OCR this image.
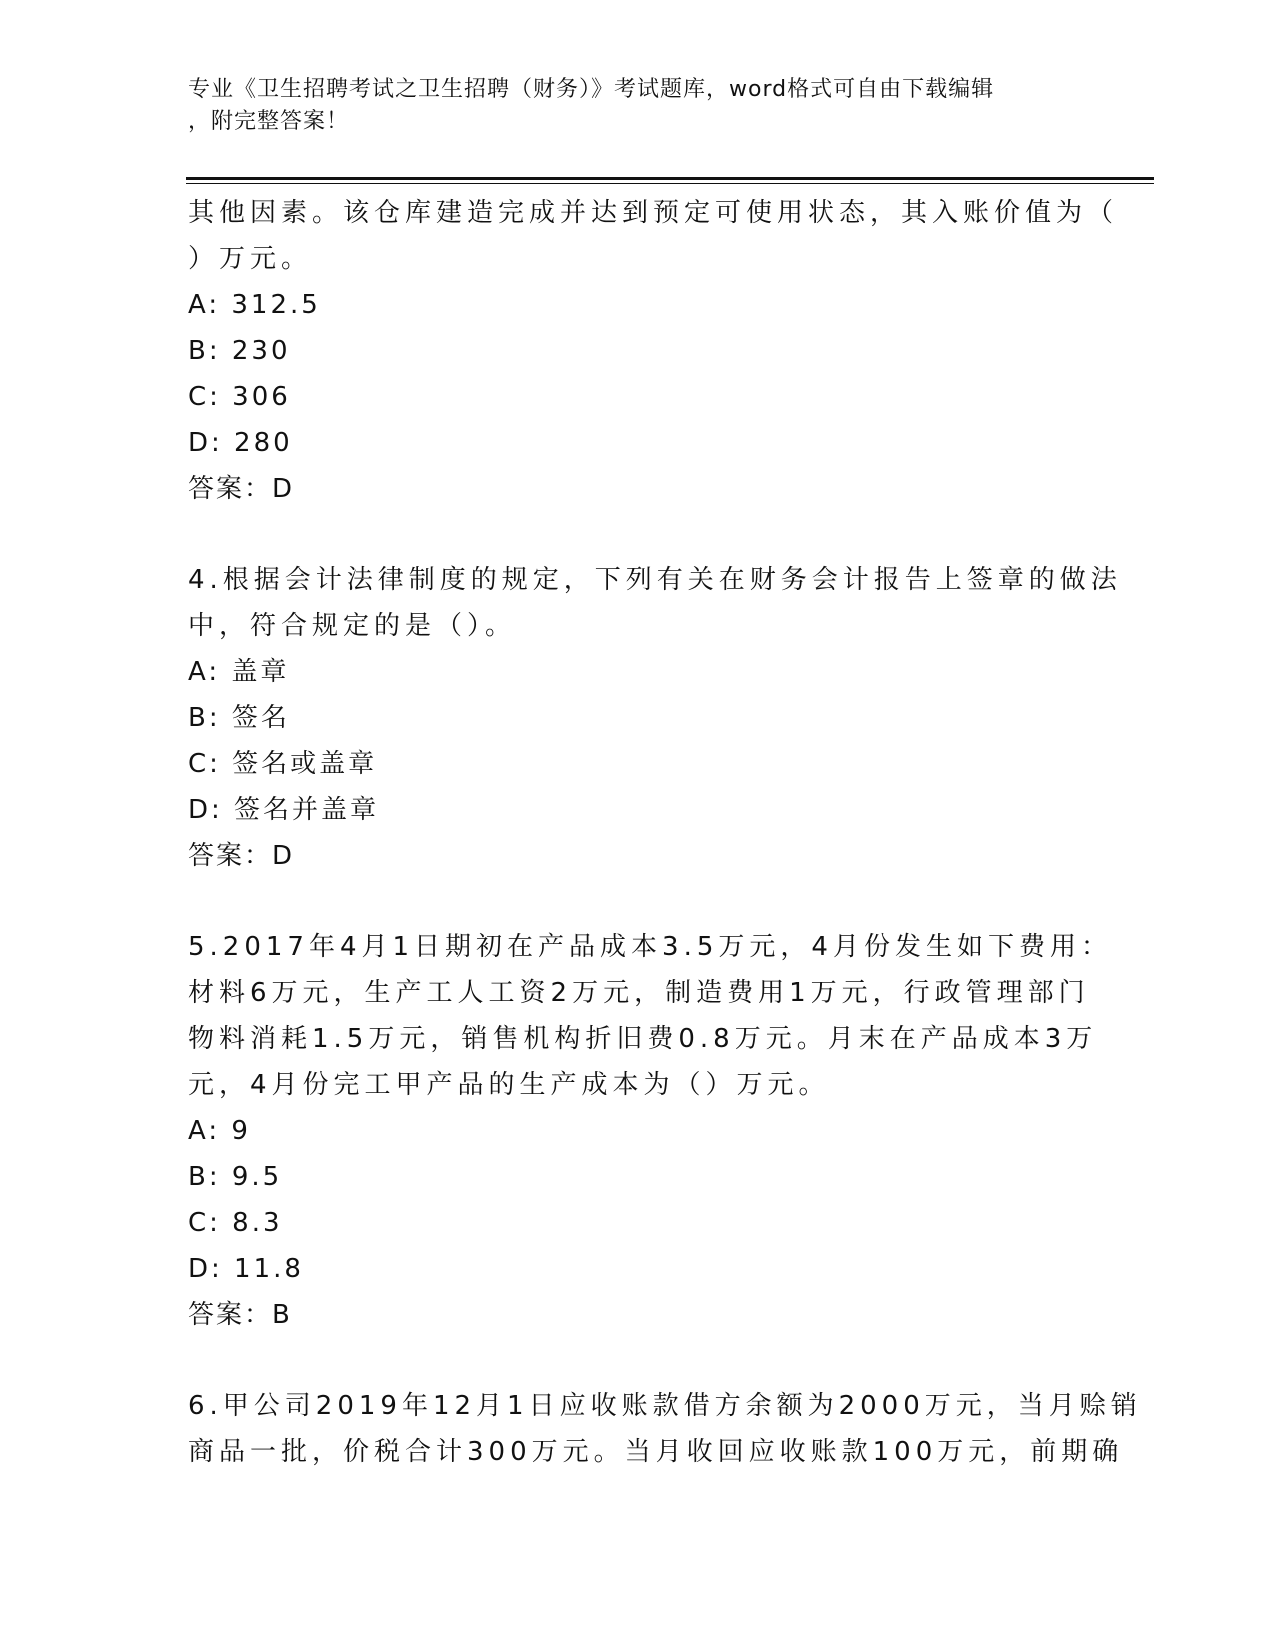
专业《卫生招聘考试之卫生招聘（财务）》考试题库，word格式可自由下载编辑
，附完整答案！
其他因素。该仓库建造完成并达到预定可使用状态，其入账价值为（
）万元。
A: 312.5
B: 230
C: 306
D: 280
答案：D
4.根据会计法律制度的规定，下列有关在财务会计报告上签章的做法
中，符合规定的是（）。
A: 盖章
B: 签名
C: 签名或盖章
D: 签名并盖章
答案：D
5.2017年4月1日期初在产品成本3.5万元，4月份发生如下费用：
材料6万元，生产工人工资2万元，制造费用1万元，行政管理部门
物料消耗1.5万元，销售机构折旧费0.8万元。月末在产品成本3万
元，4月份完工甲产品的生产成本为（）万元。
A: 9
B: 9.5
C: 8.3
D: 11.8
答案：B
6.甲公司2019年12月1日应收账款借方余额为2000万元，当月赊销
商品一批，价税合计300万元。当月收回应收账款100万元，前期确
